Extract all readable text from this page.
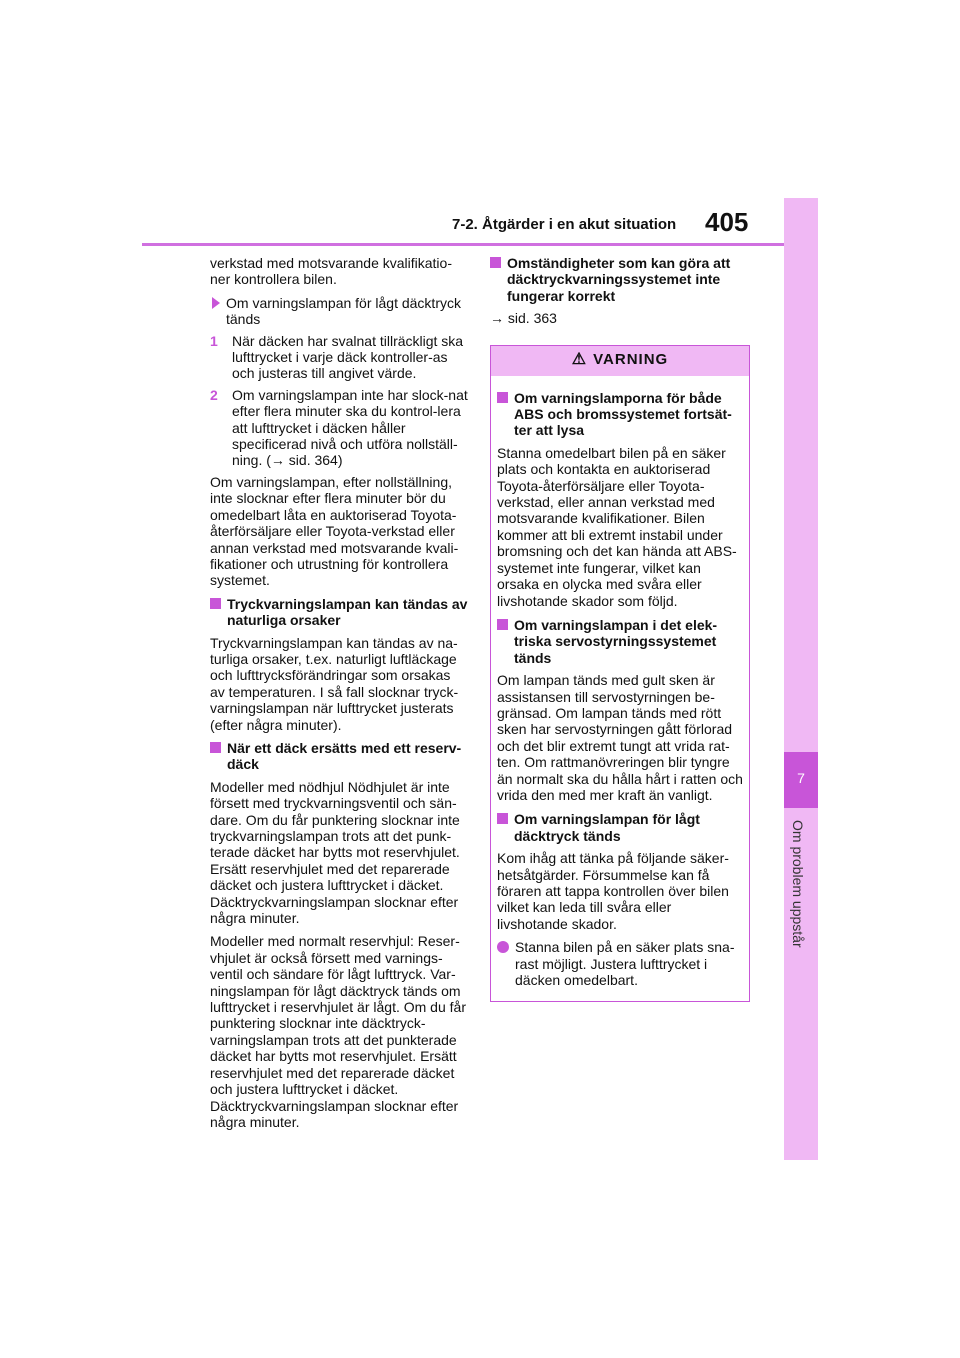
7-2. Åtgärder i en akut situation 405
7
Om problem uppstår

verkstad med motsvarande kvalifikatio-ner kontrollera bilen.

Om varningslampan för lågt däcktryck tänds
1	När däcken har svalnat tillräckligt ska lufttrycket i varje däck kontroller-as och justeras till angivet värde.
2	Om varningslampan inte har slock-nat efter flera minuter ska du kontrol-lera att lufttrycket i däcken håller specificerad nivå och utföra nollställ-ning. (→ sid. 364)

Om varningslampan, efter nollställning, inte slocknar efter flera minuter bör du omedelbart låta en auktoriserad Toyota-återförsäljare eller Toyota-verkstad eller annan verkstad med motsvarande kvali-fikationer och utrustning för kontrollera systemet.

Tryckvarningslampan kan tändas av naturliga orsaker

Tryckvarningslampan kan tändas av na-turliga orsaker, t.ex. naturligt luftläckage och lufttrycksförändringar som orsakas av temperaturen. I så fall slocknar tryck-varningslampan när lufttrycket justerats (efter några minuter).

När ett däck ersätts med ett reserv-däck

Modeller med nödhjul Nödhjulet är inte försett med tryckvarningsventil och sän-dare. Om du får punktering slocknar inte tryckvarningslampan trots att det punk-terade däcket har bytts mot reservhjulet. Ersätt reservhjulet med det reparerade däcket och justera lufttrycket i däcket. Däcktryckvarningslampan slocknar efter några minuter.

Modeller med normalt reservhjul: Reser-vhjulet är också försett med varnings-ventil och sändare för lågt lufttryck. Var-ningslampan för lågt däcktryck tänds om lufttrycket i reservhjulet är lågt. Om du får punktering slocknar inte däcktryck-varningslampan trots att det punkterade däcket har bytts mot reservhjulet. Ersätt reservhjulet med det reparerade däcket och justera lufttrycket i däcket. Däcktryckvarningslampan slocknar efter några minuter.

Omständigheter som kan göra att däcktryckvarningssystemet inte fungerar korrekt

→ sid. 363

⚠ VARNING
Om varningslamporna för både ABS och bromssystemet fortsät-ter att lysa

Stanna omedelbart bilen på en säker plats och kontakta en auktoriserad Toyota-återförsäljare eller Toyota-verkstad, eller annan verkstad med motsvarande kvalifikationer. Bilen kommer att bli extremt instabil under bromsning och det kan hända att ABS-systemet inte fungerar, vilket kan orsaka en olycka med svåra eller livshotande skador som följd.

Om varningslampan i det elek-triska servostyrningssystemet tänds

Om lampan tänds med gult sken är assistansen till servostyrningen be-gränsad. Om lampan tänds med rött sken har servostyrningen gått förlorad och det blir extremt tungt att vrida rat-ten. Om rattmanövreringen blir tyngre än normalt ska du hålla hårt i ratten och vrida den med mer kraft än vanligt.

Om varningslampan för lågt däcktryck tänds

Kom ihåg att tänka på följande säker-hetsåtgärder. Försummelse kan få föraren att tappa kontrollen över bilen vilket kan leda till svåra eller livshotande skador.

Stanna bilen på en säker plats sna-rast möjligt. Justera lufttrycket i däcken omedelbart.
